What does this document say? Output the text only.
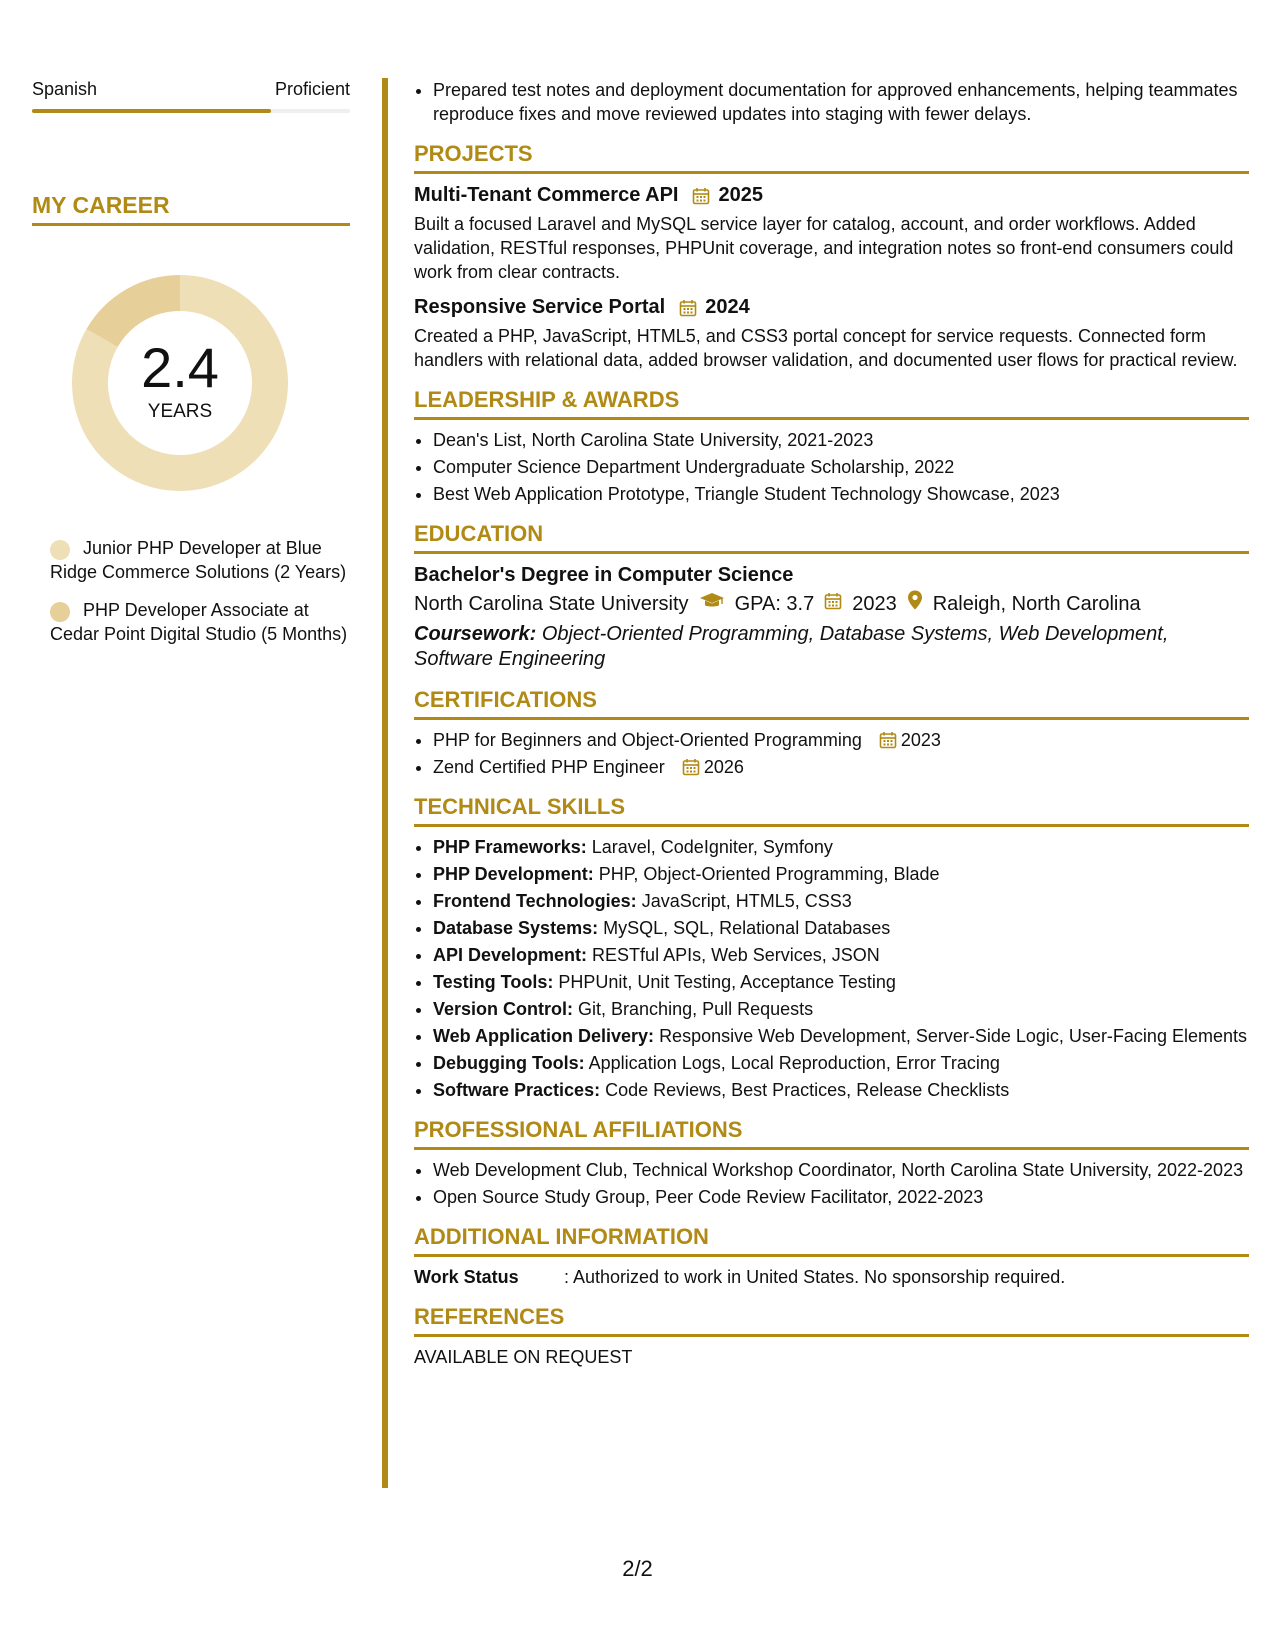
Spanish	Proficient
MY CAREER
2.4
YEARS
Junior PHP Developer at Blue Ridge Commerce Solutions (2 Years)
PHP Developer Associate at Cedar Point Digital Studio (5 Months)
• Prepared test notes and deployment documentation for approved enhancements, helping teammates reproduce fixes and move reviewed updates into staging with fewer delays.
PROJECTS
Multi-Tenant Commerce API 2025
Built a focused Laravel and MySQL service layer for catalog, account, and order workflows. Added validation, RESTful responses, PHPUnit coverage, and integration notes so front-end consumers could work from clear contracts.
Responsive Service Portal 2024
Created a PHP, JavaScript, HTML5, and CSS3 portal concept for service requests. Connected form handlers with relational data, added browser validation, and documented user flows for practical review.
LEADERSHIP & AWARDS
• Dean's List, North Carolina State University, 2021-2023
• Computer Science Department Undergraduate Scholarship, 2022
• Best Web Application Prototype, Triangle Student Technology Showcase, 2023
EDUCATION
Bachelor's Degree in Computer Science
North Carolina State University GPA: 3.7 2023 Raleigh, North Carolina
Coursework: Object-Oriented Programming, Database Systems, Web Development, Software Engineering
CERTIFICATIONS
• PHP for Beginners and Object-Oriented Programming 2023
• Zend Certified PHP Engineer 2026
TECHNICAL SKILLS
• PHP Frameworks: Laravel, CodeIgniter, Symfony
• PHP Development: PHP, Object-Oriented Programming, Blade
• Frontend Technologies: JavaScript, HTML5, CSS3
• Database Systems: MySQL, SQL, Relational Databases
• API Development: RESTful APIs, Web Services, JSON
• Testing Tools: PHPUnit, Unit Testing, Acceptance Testing
• Version Control: Git, Branching, Pull Requests
• Web Application Delivery: Responsive Web Development, Server-Side Logic, User-Facing Elements
• Debugging Tools: Application Logs, Local Reproduction, Error Tracing
• Software Practices: Code Reviews, Best Practices, Release Checklists
PROFESSIONAL AFFILIATIONS
• Web Development Club, Technical Workshop Coordinator, North Carolina State University, 2022-2023
• Open Source Study Group, Peer Code Review Facilitator, 2022-2023
ADDITIONAL INFORMATION
Work Status	: Authorized to work in United States. No sponsorship required.
REFERENCES
AVAILABLE ON REQUEST
2/2
